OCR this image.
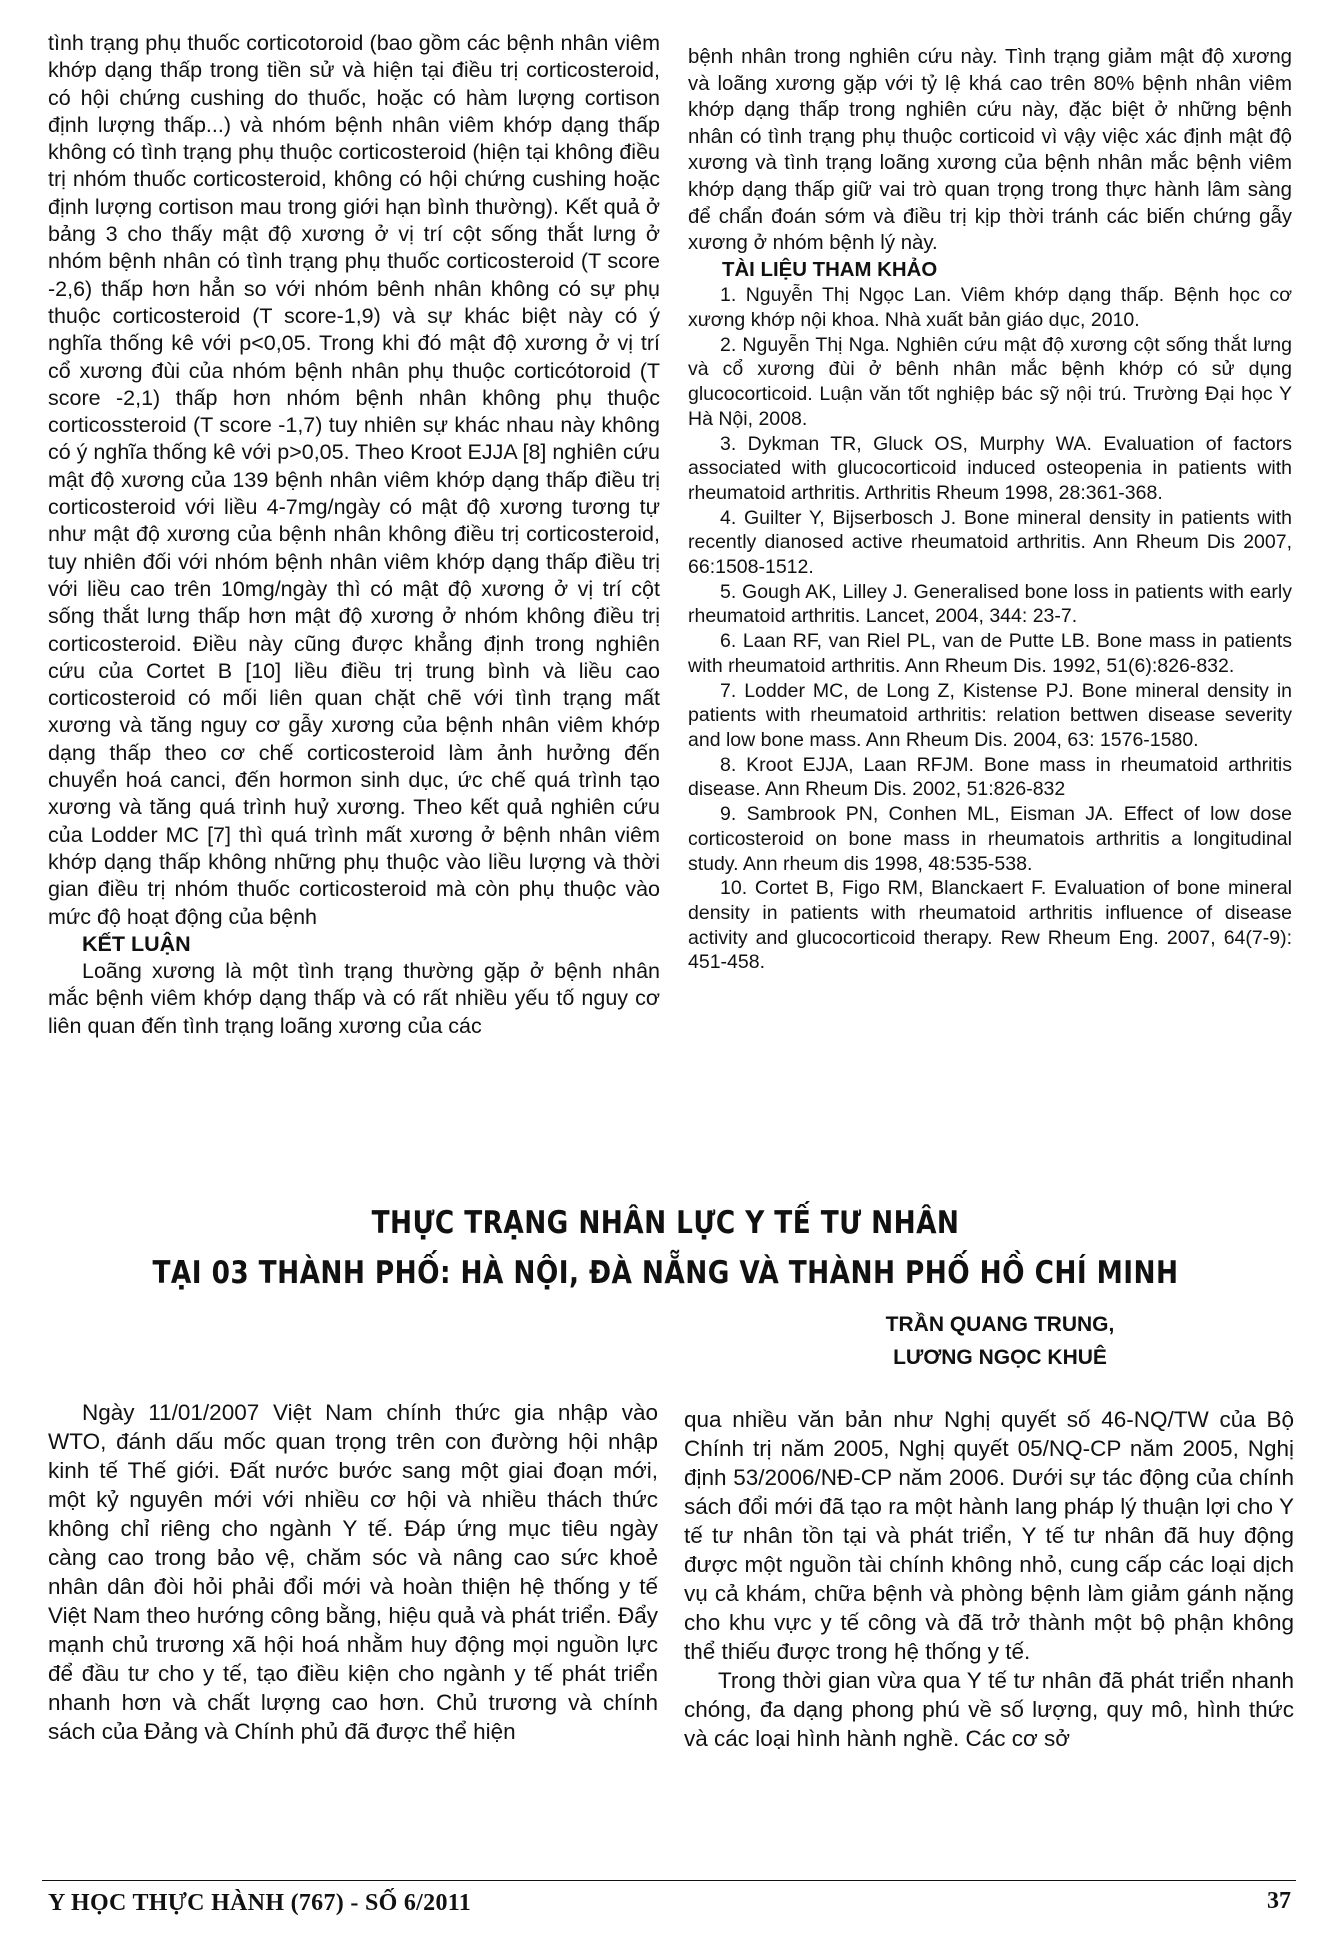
tình trạng phụ thuốc corticotoroid (bao gồm các bệnh nhân viêm khớp dạng thấp trong tiền sử và hiện tại điều trị corticosteroid, có hội chứng cushing do thuốc, hoặc có hàm lượng cortison định lượng thấp...) và nhóm bệnh nhân viêm khớp dạng thấp không có tình trạng phụ thuộc corticosteroid (hiện tại không điều trị nhóm thuốc corticosteroid, không có hội chứng cushing hoặc định lượng cortison mau trong giới hạn bình thường). Kết quả ở bảng 3 cho thấy mật độ xương ở vị trí cột sống thắt lưng ở nhóm bệnh nhân có tình trạng phụ thuốc corticosteroid (T score -2,6) thấp hơn hẳn so với nhóm bênh nhân không có sự phụ thuộc corticosteroid (T score-1,9) và sự khác biệt này có ý nghĩa thống kê với p<0,05. Trong khi đó mật độ xương ở vị trí cổ xương đùi của nhóm bệnh nhân phụ thuộc corticótoroid (T score -2,1) thấp hơn nhóm bệnh nhân không phụ thuộc corticossteroid (T score -1,7) tuy nhiên sự khác nhau này không có ý nghĩa thống kê với p>0,05. Theo Kroot EJJA [8] nghiên cứu mật độ xương của 139 bệnh nhân viêm khớp dạng thấp điều trị corticosteroid với liều 4-7mg/ngày có mật độ xương tương tự như mật độ xương của bệnh nhân không điều trị corticosteroid, tuy nhiên đối với nhóm bệnh nhân viêm khớp dạng thấp điều trị với liều cao trên 10mg/ngày thì có mật độ xương ở vị trí cột sống thắt lưng thấp hơn mật độ xương ở nhóm không điều trị corticosteroid. Điều này cũng được khẳng định trong nghiên cứu của Cortet B [10] liều điều trị trung bình và liều cao corticosteroid có mối liên quan chặt chẽ với tình trạng mất xương và tăng nguy cơ gẫy xương của bệnh nhân viêm khớp dạng thấp theo cơ chế corticosteroid làm ảnh hưởng đến chuyển hoá canci, đến hormon sinh dục, ức chế quá trình tạo xương và tăng quá trình huỷ xương. Theo kết quả nghiên cứu của Lodder MC [7] thì quá trình mất xương ở bệnh nhân viêm khớp dạng thấp không những phụ thuộc vào liều lượng và thời gian điều trị nhóm thuốc corticosteroid mà còn phụ thuộc vào mức độ hoạt động của bệnh

KẾT LUẬN

Loãng xương là một tình trạng thường gặp ở bệnh nhân mắc bệnh viêm khớp dạng thấp và có rất nhiều yếu tố nguy cơ liên quan đến tình trạng loãng xương của các

bệnh nhân trong nghiên cứu này. Tình trạng giảm mật độ xương và loãng xương gặp với tỷ lệ khá cao trên 80% bệnh nhân viêm khớp dạng thấp trong nghiên cứu này, đặc biệt ở những bệnh nhân có tình trạng phụ thuộc corticoid vì vậy việc xác định mật độ xương và tình trạng loãng xương của bệnh nhân mắc bệnh viêm khớp dạng thấp giữ vai trò quan trọng trong thực hành lâm sàng để chẩn đoán sớm và điều trị kịp thời tránh các biến chứng gẫy xương ở nhóm bệnh lý này.

TÀI LIỆU THAM KHẢO

1. Nguyễn Thị Ngọc Lan. Viêm khớp dạng thấp. Bệnh học cơ xương khớp nội khoa. Nhà xuất bản giáo dục, 2010.

2. Nguyễn Thị Nga. Nghiên cứu mật độ xương cột sống thắt lưng và cổ xương đùi ở bênh nhân mắc bệnh khớp có sử dụng glucocorticoid. Luận văn tốt nghiệp bác sỹ nội trú. Trường Đại học Y Hà Nội, 2008.

3. Dykman TR, Gluck OS, Murphy WA. Evaluation of factors associated with glucocorticoid induced osteopenia in patients with rheumatoid arthritis. Arthritis Rheum 1998, 28:361-368.

4. Guilter Y, Bijserbosch J. Bone mineral density in patients with recently dianosed active rheumatoid arthritis. Ann Rheum Dis 2007, 66:1508-1512.

5. Gough AK, Lilley J. Generalised bone loss in patients with early rheumatoid arthritis. Lancet, 2004, 344: 23-7.

6. Laan RF, van Riel PL, van de Putte LB. Bone mass in patients with rheumatoid arthritis. Ann Rheum Dis. 1992, 51(6):826-832.

7. Lodder MC, de Long Z, Kistense PJ. Bone mineral density in patients with rheumatoid arthritis: relation bettwen disease severity and low bone mass. Ann Rheum Dis. 2004, 63: 1576-1580.

8. Kroot EJJA, Laan RFJM. Bone mass in rheumatoid arthritis disease. Ann Rheum Dis. 2002, 51:826-832

9. Sambrook PN, Conhen ML, Eisman JA. Effect of low dose corticosteroid on bone mass in rheumatois arthritis a longitudinal study. Ann rheum dis 1998, 48:535-538.

10. Cortet B, Figo RM, Blanckaert F. Evaluation of bone mineral density in patients with rheumatoid arthritis influence of disease activity and glucocorticoid therapy. Rew Rheum Eng. 2007, 64(7-9): 451-458.

THỰC TRẠNG NHÂN LỰC Y TẾ TƯ NHÂN
TẠI 03 THÀNH PHỐ: HÀ NỘI, ĐÀ NẴNG VÀ THÀNH PHỐ HỒ CHÍ MINH
TRẦN QUANG TRUNG,
LƯƠNG NGỌC KHUÊ

Ngày 11/01/2007 Việt Nam chính thức gia nhập vào WTO, đánh dấu mốc quan trọng trên con đường hội nhập kinh tế Thế giới. Đất nước bước sang một giai đoạn mới, một kỷ nguyên mới với nhiều cơ hội và nhiều thách thức không chỉ riêng cho ngành Y tế. Đáp ứng mục tiêu ngày càng cao trong bảo vệ, chăm sóc và nâng cao sức khoẻ nhân dân đòi hỏi phải đổi mới và hoàn thiện hệ thống y tế Việt Nam theo hướng công bằng, hiệu quả và phát triển. Đẩy mạnh chủ trương xã hội hoá nhằm huy động mọi nguồn lực để đầu tư cho y tế, tạo điều kiện cho ngành y tế phát triển nhanh hơn và chất lượng cao hơn. Chủ trương và chính sách của Đảng và Chính phủ đã được thể hiện

qua nhiều văn bản như Nghị quyết số 46-NQ/TW của Bộ Chính trị năm 2005, Nghị quyết 05/NQ-CP năm 2005, Nghị định 53/2006/NĐ-CP năm 2006. Dưới sự tác động của chính sách đổi mới đã tạo ra một hành lang pháp lý thuận lợi cho Y tế tư nhân tồn tại và phát triển, Y tế tư nhân đã huy động được một nguồn tài chính không nhỏ, cung cấp các loại dịch vụ cả khám, chữa bệnh và phòng bệnh làm giảm gánh nặng cho khu vực y tế công và đã trở thành một bộ phận không thể thiếu được trong hệ thống y tế.

Trong thời gian vừa qua Y tế tư nhân đã phát triển nhanh chóng, đa dạng phong phú về số lượng, quy mô, hình thức và các loại hình hành nghề. Các cơ sở

Y HỌC THỰC HÀNH (767) - SỐ 6/2011	37
